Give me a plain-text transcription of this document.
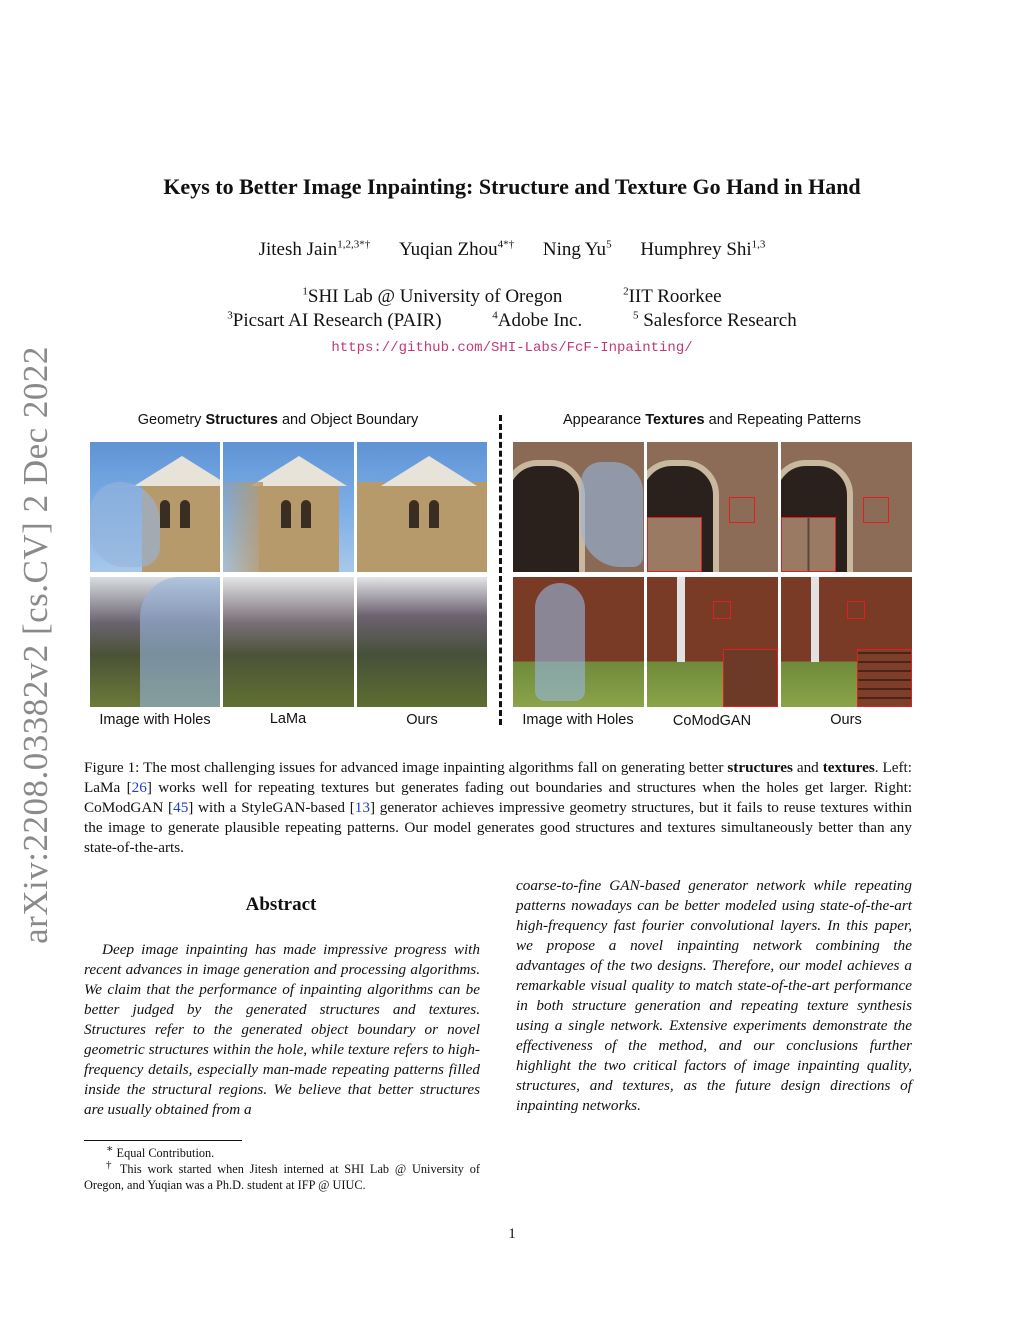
arXiv:2208.03382v2 [cs.CV] 2 Dec 2022
Keys to Better Image Inpainting: Structure and Texture Go Hand in Hand
Jitesh Jain$^{1,2,3*\dagger}$ Yuqian Zhou$^{4*\dagger}$ Ning Yu$^5$ Humphrey Shi$^{1,3}$
$^1$SHI Lab @ University of Oregon	$^2$IIT Roorkee
$^3$Picsart AI Research (PAIR)	$^4$Adobe Inc.	$^5$ Salesforce Research
https://github.com/SHI-Labs/FcF-Inpainting/
Geometry Structures and Object Boundary	Appearance Textures and Repeating Patterns
Image with Holes	LaMa	Ours	Image with Holes	CoModGAN	Ours
Figure 1: The most challenging issues for advanced image inpainting algorithms fall on generating better structures and textures. Left: LaMa [26] works well for repeating textures but generates fading out boundaries and structures when the holes get larger. Right: CoModGAN [45] with a StyleGAN-based [13] generator achieves impressive geometry structures, but it fails to reuse textures within the image to generate plausible repeating patterns. Our model generates good structures and textures simultaneously better than any state-of-the-arts.
Abstract
Deep image inpainting has made impressive progress with recent advances in image generation and processing algorithms. We claim that the performance of inpainting algorithms can be better judged by the generated structures and textures. Structures refer to the generated object boundary or novel geometric structures within the hole, while texture refers to high-frequency details, especially man-made repeating patterns filled inside the structural regions. We believe that better structures are usually obtained from a
coarse-to-fine GAN-based generator network while repeating patterns nowadays can be better modeled using state-of-the-art high-frequency fast fourier convolutional layers. In this paper, we propose a novel inpainting network combining the advantages of the two designs. Therefore, our model achieves a remarkable visual quality to match state-of-the-art performance in both structure generation and repeating texture synthesis using a single network. Extensive experiments demonstrate the effectiveness of the method, and our conclusions further highlight the two critical factors of image inpainting quality, structures, and textures, as the future design directions of inpainting networks.
∗ Equal Contribution.
† This work started when Jitesh interned at SHI Lab @ University of Oregon, and Yuqian was a Ph.D. student at IFP @ UIUC.
1
